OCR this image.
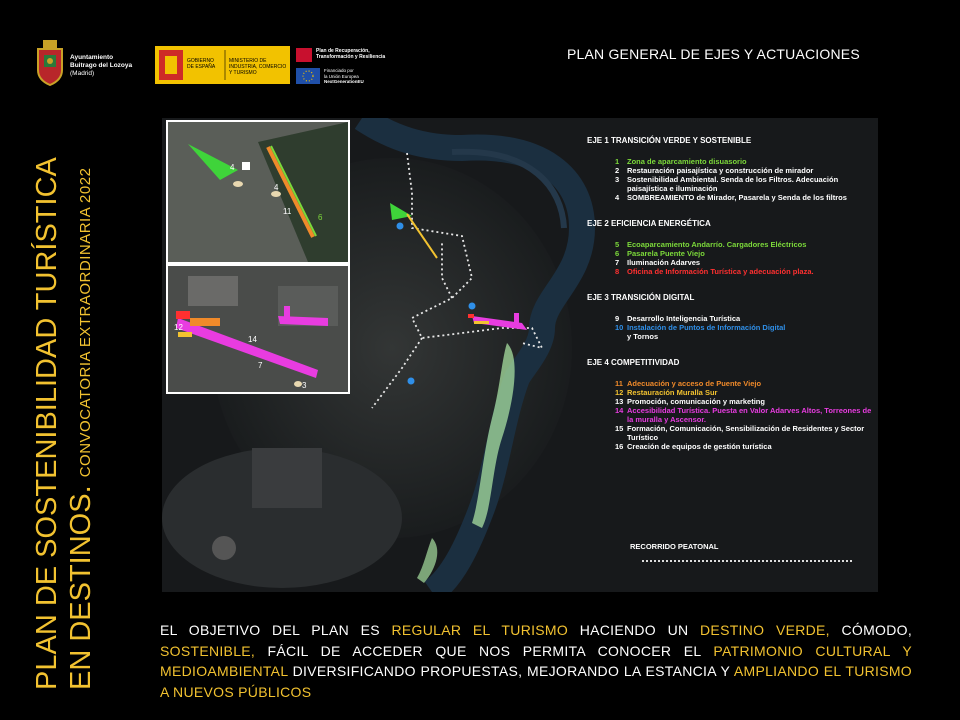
Ayuntamiento
Buitrago del Lozoya
(Madrid)
GOBIERNO DE ESPAÑA
MINISTERIO DE INDUSTRIA, COMERCIO Y TURISMO
Plan de Recuperación,
Transformación y Resiliencia
Financiado por
la Unión Europea
NextGenerationEU
PLAN GENERAL DE EJES Y ACTUACIONES
PLAN DE SOSTENIBILIDAD TURÍSTICA EN DESTINOS. CONVOCATORIA EXTRAORDINARIA 2022
4
4
11
6
12
14
7
3
EJE 1 TRANSICIÓN VERDE Y SOSTENIBLE
1 Zona de aparcamiento disuasorio
2 Restauración paisajística y construcción de mirador
3 Sostenibilidad Ambiental. Senda de los Filtros. Adecuación paisajística e iluminación
4 SOMBREAMIENTO de Mirador, Pasarela y Senda de los filtros
EJE 2 EFICIENCIA ENERGÉTICA
5 Ecoaparcamiento Andarrío. Cargadores Eléctricos
6 Pasarela Puente Viejo
7 Iluminación Adarves
8 Oficina de Información Turística y adecuación plaza.
EJE 3 TRANSICIÓN DIGITAL
9 Desarrollo Inteligencia Turística
10 Instalación de Puntos de Información Digital
y Tornos
EJE 4 COMPETITIVIDAD
11 Adecuación y acceso de Puente Viejo
12 Restauración Muralla Sur
13 Promoción, comunicación y marketing
14 Accesibilidad Turística. Puesta en Valor Adarves Altos, Torreones de la muralla y Ascensor.
15 Formación, Comunicación, Sensibilización de Residentes y Sector Turístico
16 Creación de equipos de gestión turística
RECORRIDO PEATONAL
EL OBJETIVO DEL PLAN ES REGULAR EL TURISMO HACIENDO UN DESTINO VERDE, CÓMODO, SOSTENIBLE, FÁCIL DE ACCEDER QUE NOS PERMITA CONOCER EL PATRIMONIO CULTURAL Y MEDIOAMBIENTAL DIVERSIFICANDO PROPUESTAS, MEJORANDO LA ESTANCIA Y AMPLIANDO EL TURISMO A NUEVOS PÚBLICOS
